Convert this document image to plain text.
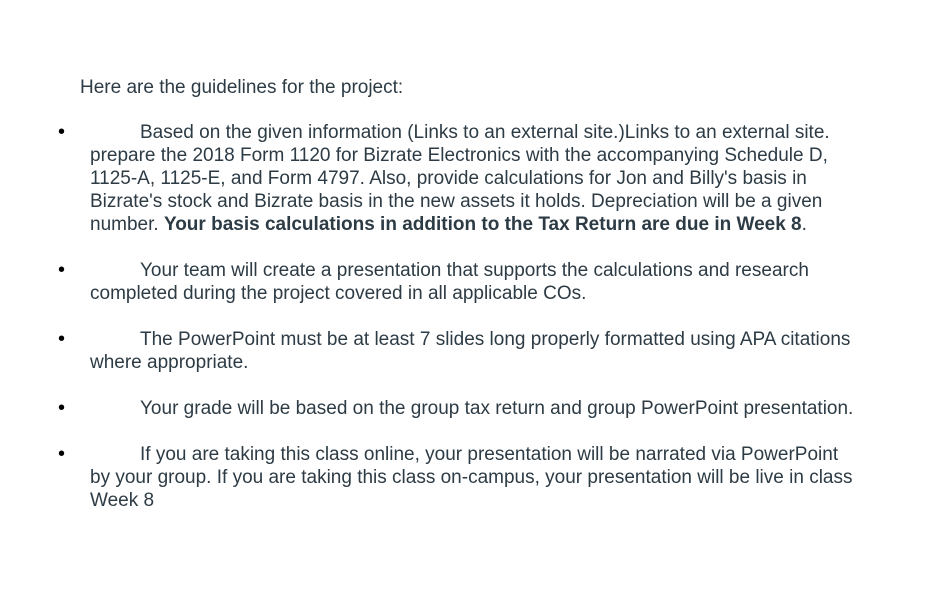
Here are the guidelines for the project:

•	Based on the given information (Links to an external site.)Links to an external site. prepare the 2018 Form 1120 for Bizrate Electronics with the accompanying Schedule D, 1125-A, 1125-E, and Form 4797. Also, provide calculations for Jon and Billy's basis in Bizrate's stock and Bizrate basis in the new assets it holds. Depreciation will be a given number. Your basis calculations in addition to the Tax Return are due in Week 8.
•	Your team will create a presentation that supports the calculations and research completed during the project covered in all applicable COs.
•	The PowerPoint must be at least 7 slides long properly formatted using APA citations where appropriate.
•	Your grade will be based on the group tax return and group PowerPoint presentation.
•	If you are taking this class online, your presentation will be narrated via PowerPoint by your group. If you are taking this class on-campus, your presentation will be live in class Week 8
